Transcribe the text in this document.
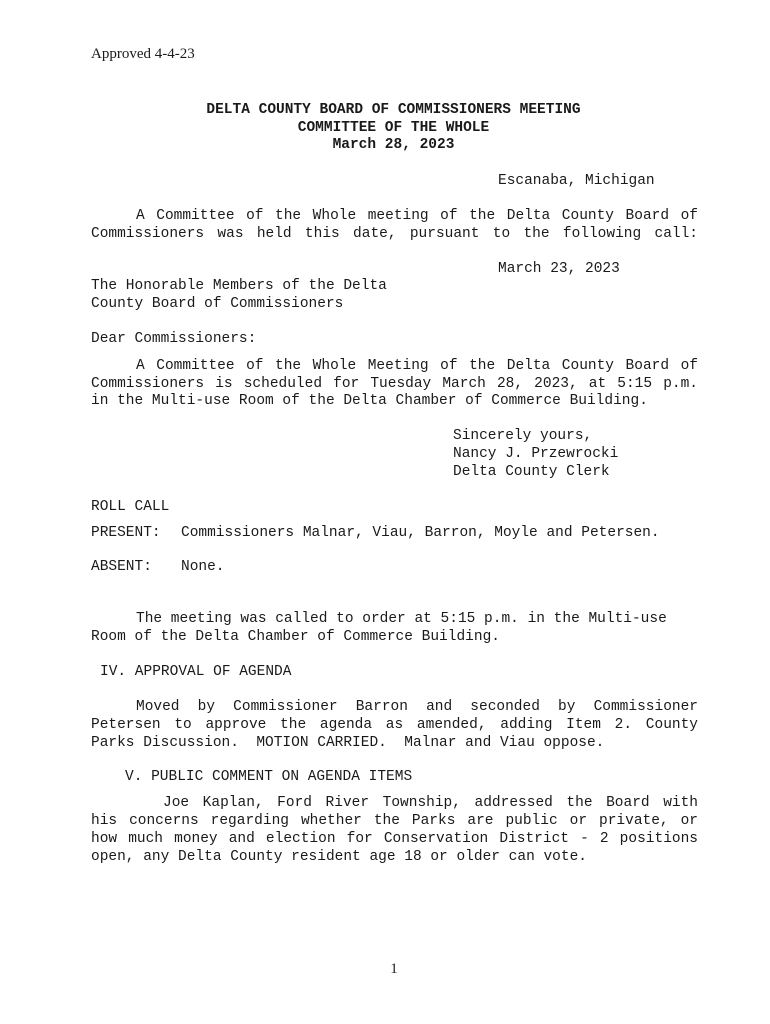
Approved 4-4-23
DELTA COUNTY BOARD OF COMMISSIONERS MEETING
COMMITTEE OF THE WHOLE
March 28, 2023
Escanaba, Michigan
A Committee of the Whole meeting of the Delta County Board of
Commissioners was held this date, pursuant to the following call:
March 23, 2023
The Honorable Members of the Delta
County Board of Commissioners
Dear Commissioners:
A Committee of the Whole Meeting of the Delta County Board of
Commissioners is scheduled for Tuesday March 28, 2023, at 5:15 p.m.
in the Multi-use Room of the Delta Chamber of Commerce Building.
Sincerely yours,
Nancy J. Przewrocki
Delta County Clerk
ROLL CALL
PRESENT: Commissioners Malnar, Viau, Barron, Moyle and Petersen.
ABSENT: None.
The meeting was called to order at 5:15 p.m. in the Multi-use
Room of the Delta Chamber of Commerce Building.
IV. APPROVAL OF AGENDA
Moved by Commissioner Barron and seconded by Commissioner
Petersen to approve the agenda as amended, adding Item 2. County
Parks Discussion.  MOTION CARRIED.  Malnar and Viau oppose.
V. PUBLIC COMMENT ON AGENDA ITEMS
Joe Kaplan, Ford River Township, addressed the Board with
his concerns regarding whether the Parks are public or private, or
how much money and election for Conservation District - 2 positions
open, any Delta County resident age 18 or older can vote.
1
